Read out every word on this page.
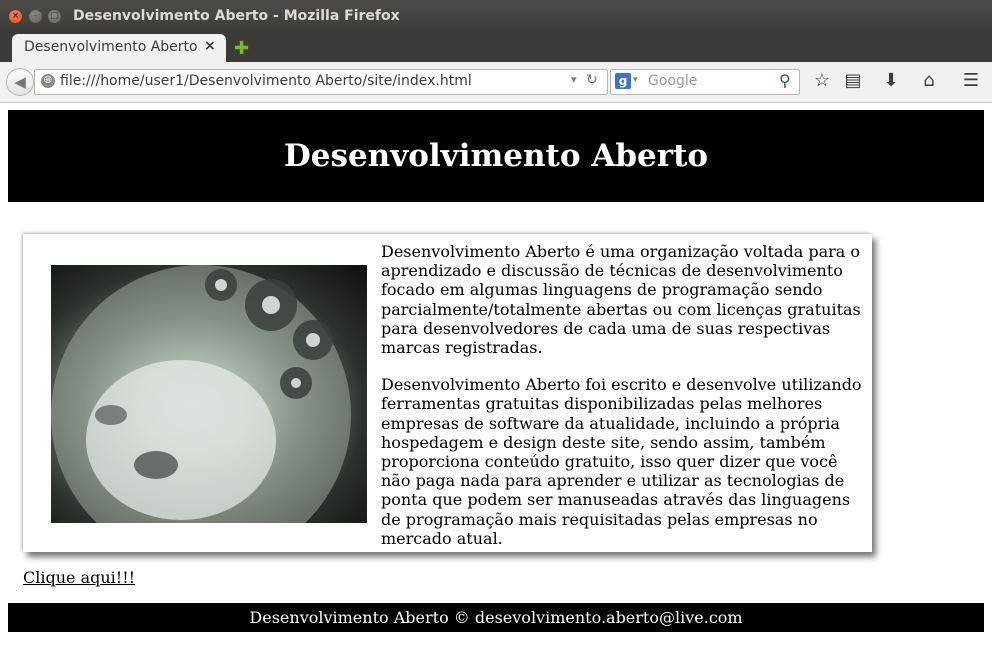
×	–	□ Desenvolvimento Aberto - Mozilla Firefox
Desenvolvimento Aberto × ✚
◀	🌐︎ file:///home/user1/Desenvolvimento Aberto/site/index.html	▾ ↻	g ▾ Google	⚲ ☆ ▤ ⬇	⌂	☰
Desenvolvimento Aberto

Desenvolvimento Aberto é uma organização voltada para o aprendizado e discussão de técnicas de desenvolvimento focado em algumas linguagens de programação sendo parcialmente/totalmente abertas ou com licenças gratuitas para desenvolvedores de cada uma de suas respectivas marcas registradas.

Desenvolvimento Aberto foi escrito e desenvolve utilizando ferramentas gratuitas disponibilizadas pelas melhores empresas de software da atualidade, incluindo a própria hospedagem e design deste site, sendo assim, também proporciona conteúdo gratuito, isso quer dizer que você não paga nada para aprender e utilizar as tecnologias de ponta que podem ser manuseadas através das linguagens de programação mais requisitadas pelas empresas no mercado atual.

Clique aqui!!!
Desenvolvimento Aberto © desevolvimento.aberto@live.com
